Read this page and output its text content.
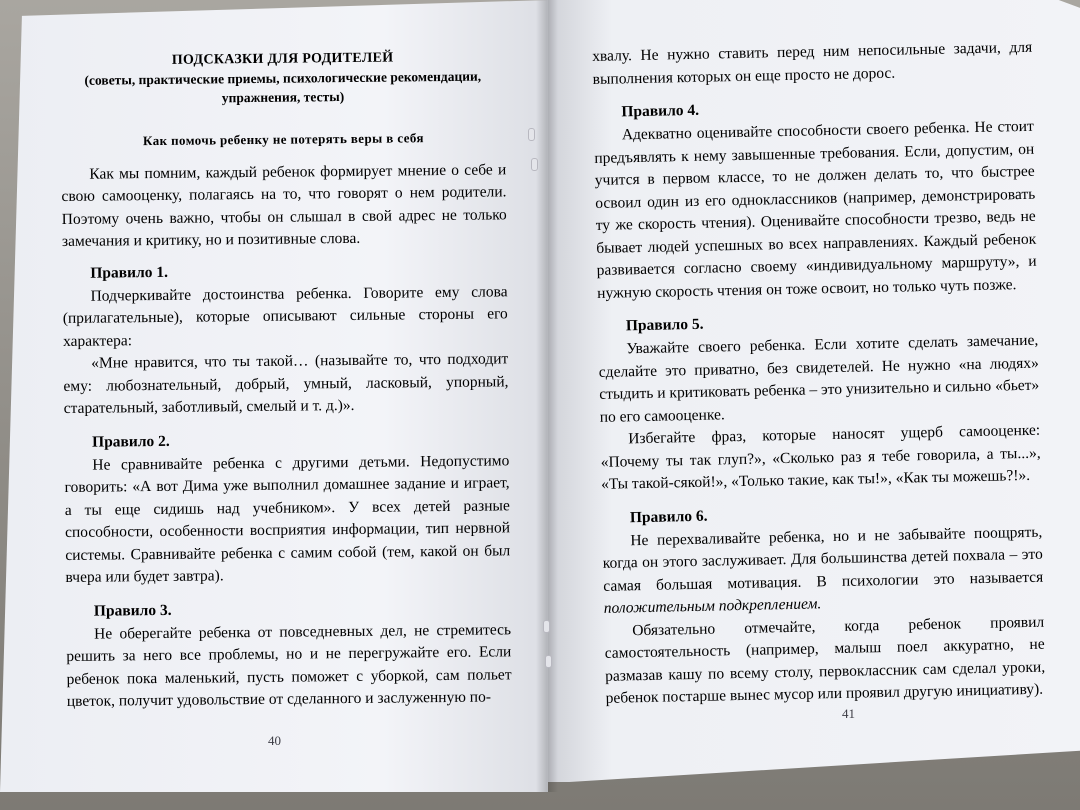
ПОДСКАЗКИ ДЛЯ РОДИТЕЛЕЙ

(советы, практические приемы, психологические рекомендации, упражнения, тесты)

Как помочь ребенку не потерять веры в себя

Как мы помним, каждый ребенок формирует мнение о себе и свою самооценку, полагаясь на то, что говорят о нем родители. Поэтому очень важно, чтобы он слышал в свой адрес не только замечания и критику, но и позитивные слова.

Правило 1.

Подчеркивайте достоинства ребенка. Говорите ему слова (прилагательные), которые описывают сильные стороны его характера:

«Мне нравится, что ты такой… (называйте то, что подходит ему: любознательный, добрый, умный, ласковый, упорный, старательный, заботливый, смелый и т. д.)».

Правило 2.

Не сравнивайте ребенка с другими детьми. Недопустимо говорить: «А вот Дима уже выполнил домашнее задание и играет, а ты еще сидишь над учебником». У всех детей разные способности, особенности восприятия информации, тип нервной системы. Сравнивайте ребенка с самим собой (тем, какой он был вчера или будет завтра).

Правило 3.

Не оберегайте ребенка от повседневных дел, не стремитесь решить за него все проблемы, но и не перегружайте его. Если ребенок пока маленький, пусть поможет с уборкой, сам польет цветок, получит удовольствие от сделанного и заслуженную по-

40

хвалу. Не нужно ставить перед ним непосильные задачи, для выполнения которых он еще просто не дорос.

Правило 4.

Адекватно оценивайте способности своего ребенка. Не стоит предъявлять к нему завышенные требования. Если, допустим, он учится в первом классе, то не должен делать то, что быстрее освоил один из его одноклассников (например, демонстрировать ту же скорость чтения). Оценивайте способности трезво, ведь не бывает людей успешных во всех направлениях. Каждый ребенок развивается согласно своему «индивидуальному маршруту», и нужную скорость чтения он тоже освоит, но только чуть позже.

Правило 5.

Уважайте своего ребенка. Если хотите сделать замечание, сделайте это приватно, без свидетелей. Не нужно «на людях» стыдить и критиковать ребенка – это унизительно и сильно «бьет» по его самооценке.

Избегайте фраз, которые наносят ущерб самооценке: «Почему ты так глуп?», «Сколько раз я тебе говорила, а ты...», «Ты такой-сякой!», «Только такие, как ты!», «Как ты можешь?!».

Правило 6.

Не перехваливайте ребенка, но и не забывайте поощрять, когда он этого заслуживает. Для большинства детей похвала – это самая большая мотивация. В психологии это называется положительным подкреплением.

Обязательно отмечайте, когда ребенок проявил самостоятельность (например, малыш поел аккуратно, не размазав кашу по всему столу, первоклассник сам сделал уроки, ребенок постарше вынес мусор или проявил другую инициативу).

41
